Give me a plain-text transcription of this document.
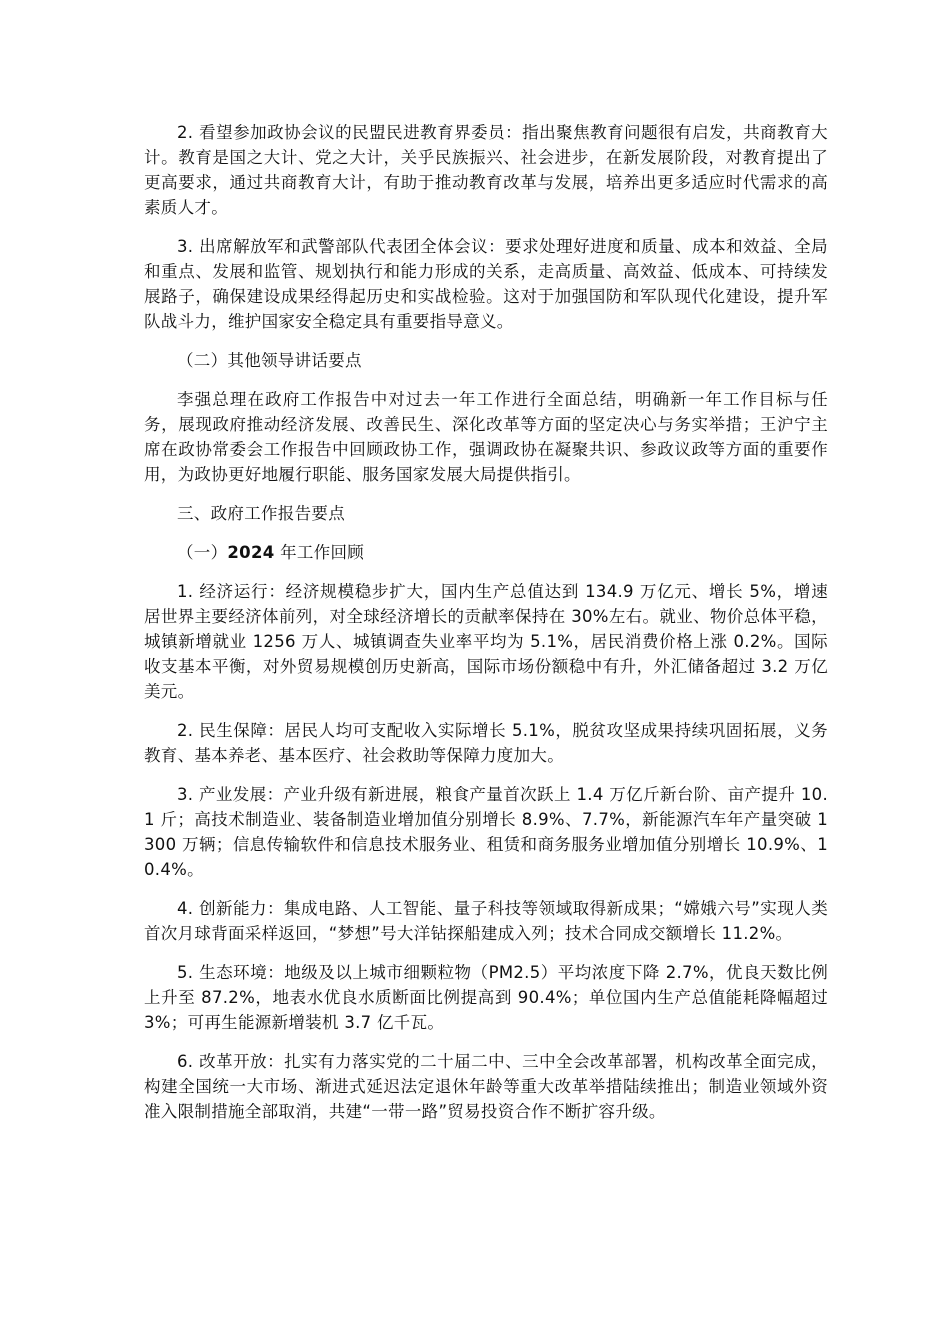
2. 看望参加政协会议的民盟民进教育界委员：指出聚焦教育问题很有启发，共商教育大计。教育是国之大计、党之大计，关乎民族振兴、社会进步，在新发展阶段，对教育提出了更高要求，通过共商教育大计，有助于推动教育改革与发展，培养出更多适应时代需求的高素质人才。

3. 出席解放军和武警部队代表团全体会议：要求处理好进度和质量、成本和效益、全局和重点、发展和监管、规划执行和能力形成的关系，走高质量、高效益、低成本、可持续发展路子，确保建设成果经得起历史和实战检验。这对于加强国防和军队现代化建设，提升军队战斗力，维护国家安全稳定具有重要指导意义。

（二）其他领导讲话要点

李强总理在政府工作报告中对过去一年工作进行全面总结，明确新一年工作目标与任务，展现政府推动经济发展、改善民生、深化改革等方面的坚定决心与务实举措；王沪宁主席在政协常委会工作报告中回顾政协工作，强调政协在凝聚共识、参政议政等方面的重要作用，为政协更好地履行职能、服务国家发展大局提供指引。

三、政府工作报告要点

（一）2024 年工作回顾

1. 经济运行：经济规模稳步扩大，国内生产总值达到 134.9 万亿元、增长 5%，增速居世界主要经济体前列，对全球经济增长的贡献率保持在 30%左右。就业、物价总体平稳，城镇新增就业 1256 万人、城镇调查失业率平均为 5.1%，居民消费价格上涨 0.2%。国际收支基本平衡，对外贸易规模创历史新高，国际市场份额稳中有升，外汇储备超过 3.2 万亿美元。

2. 民生保障：居民人均可支配收入实际增长 5.1%，脱贫攻坚成果持续巩固拓展，义务教育、基本养老、基本医疗、社会救助等保障力度加大。

3. 产业发展：产业升级有新进展，粮食产量首次跃上 1.4 万亿斤新台阶、亩产提升 10.1 斤；高技术制造业、装备制造业增加值分别增长 8.9%、7.7%，新能源汽车年产量突破 1300 万辆；信息传输软件和信息技术服务业、租赁和商务服务业增加值分别增长 10.9%、10.4%。

4. 创新能力：集成电路、人工智能、量子科技等领域取得新成果；“嫦娥六号”实现人类首次月球背面采样返回，“梦想”号大洋钻探船建成入列；技术合同成交额增长 11.2%。

5. 生态环境：地级及以上城市细颗粒物（PM2.5）平均浓度下降 2.7%，优良天数比例上升至 87.2%，地表水优良水质断面比例提高到 90.4%；单位国内生产总值能耗降幅超过 3%；可再生能源新增装机 3.7 亿千瓦。

6. 改革开放：扎实有力落实党的二十届二中、三中全会改革部署，机构改革全面完成，构建全国统一大市场、渐进式延迟法定退休年龄等重大改革举措陆续推出；制造业领域外资准入限制措施全部取消，共建“一带一路”贸易投资合作不断扩容升级。
